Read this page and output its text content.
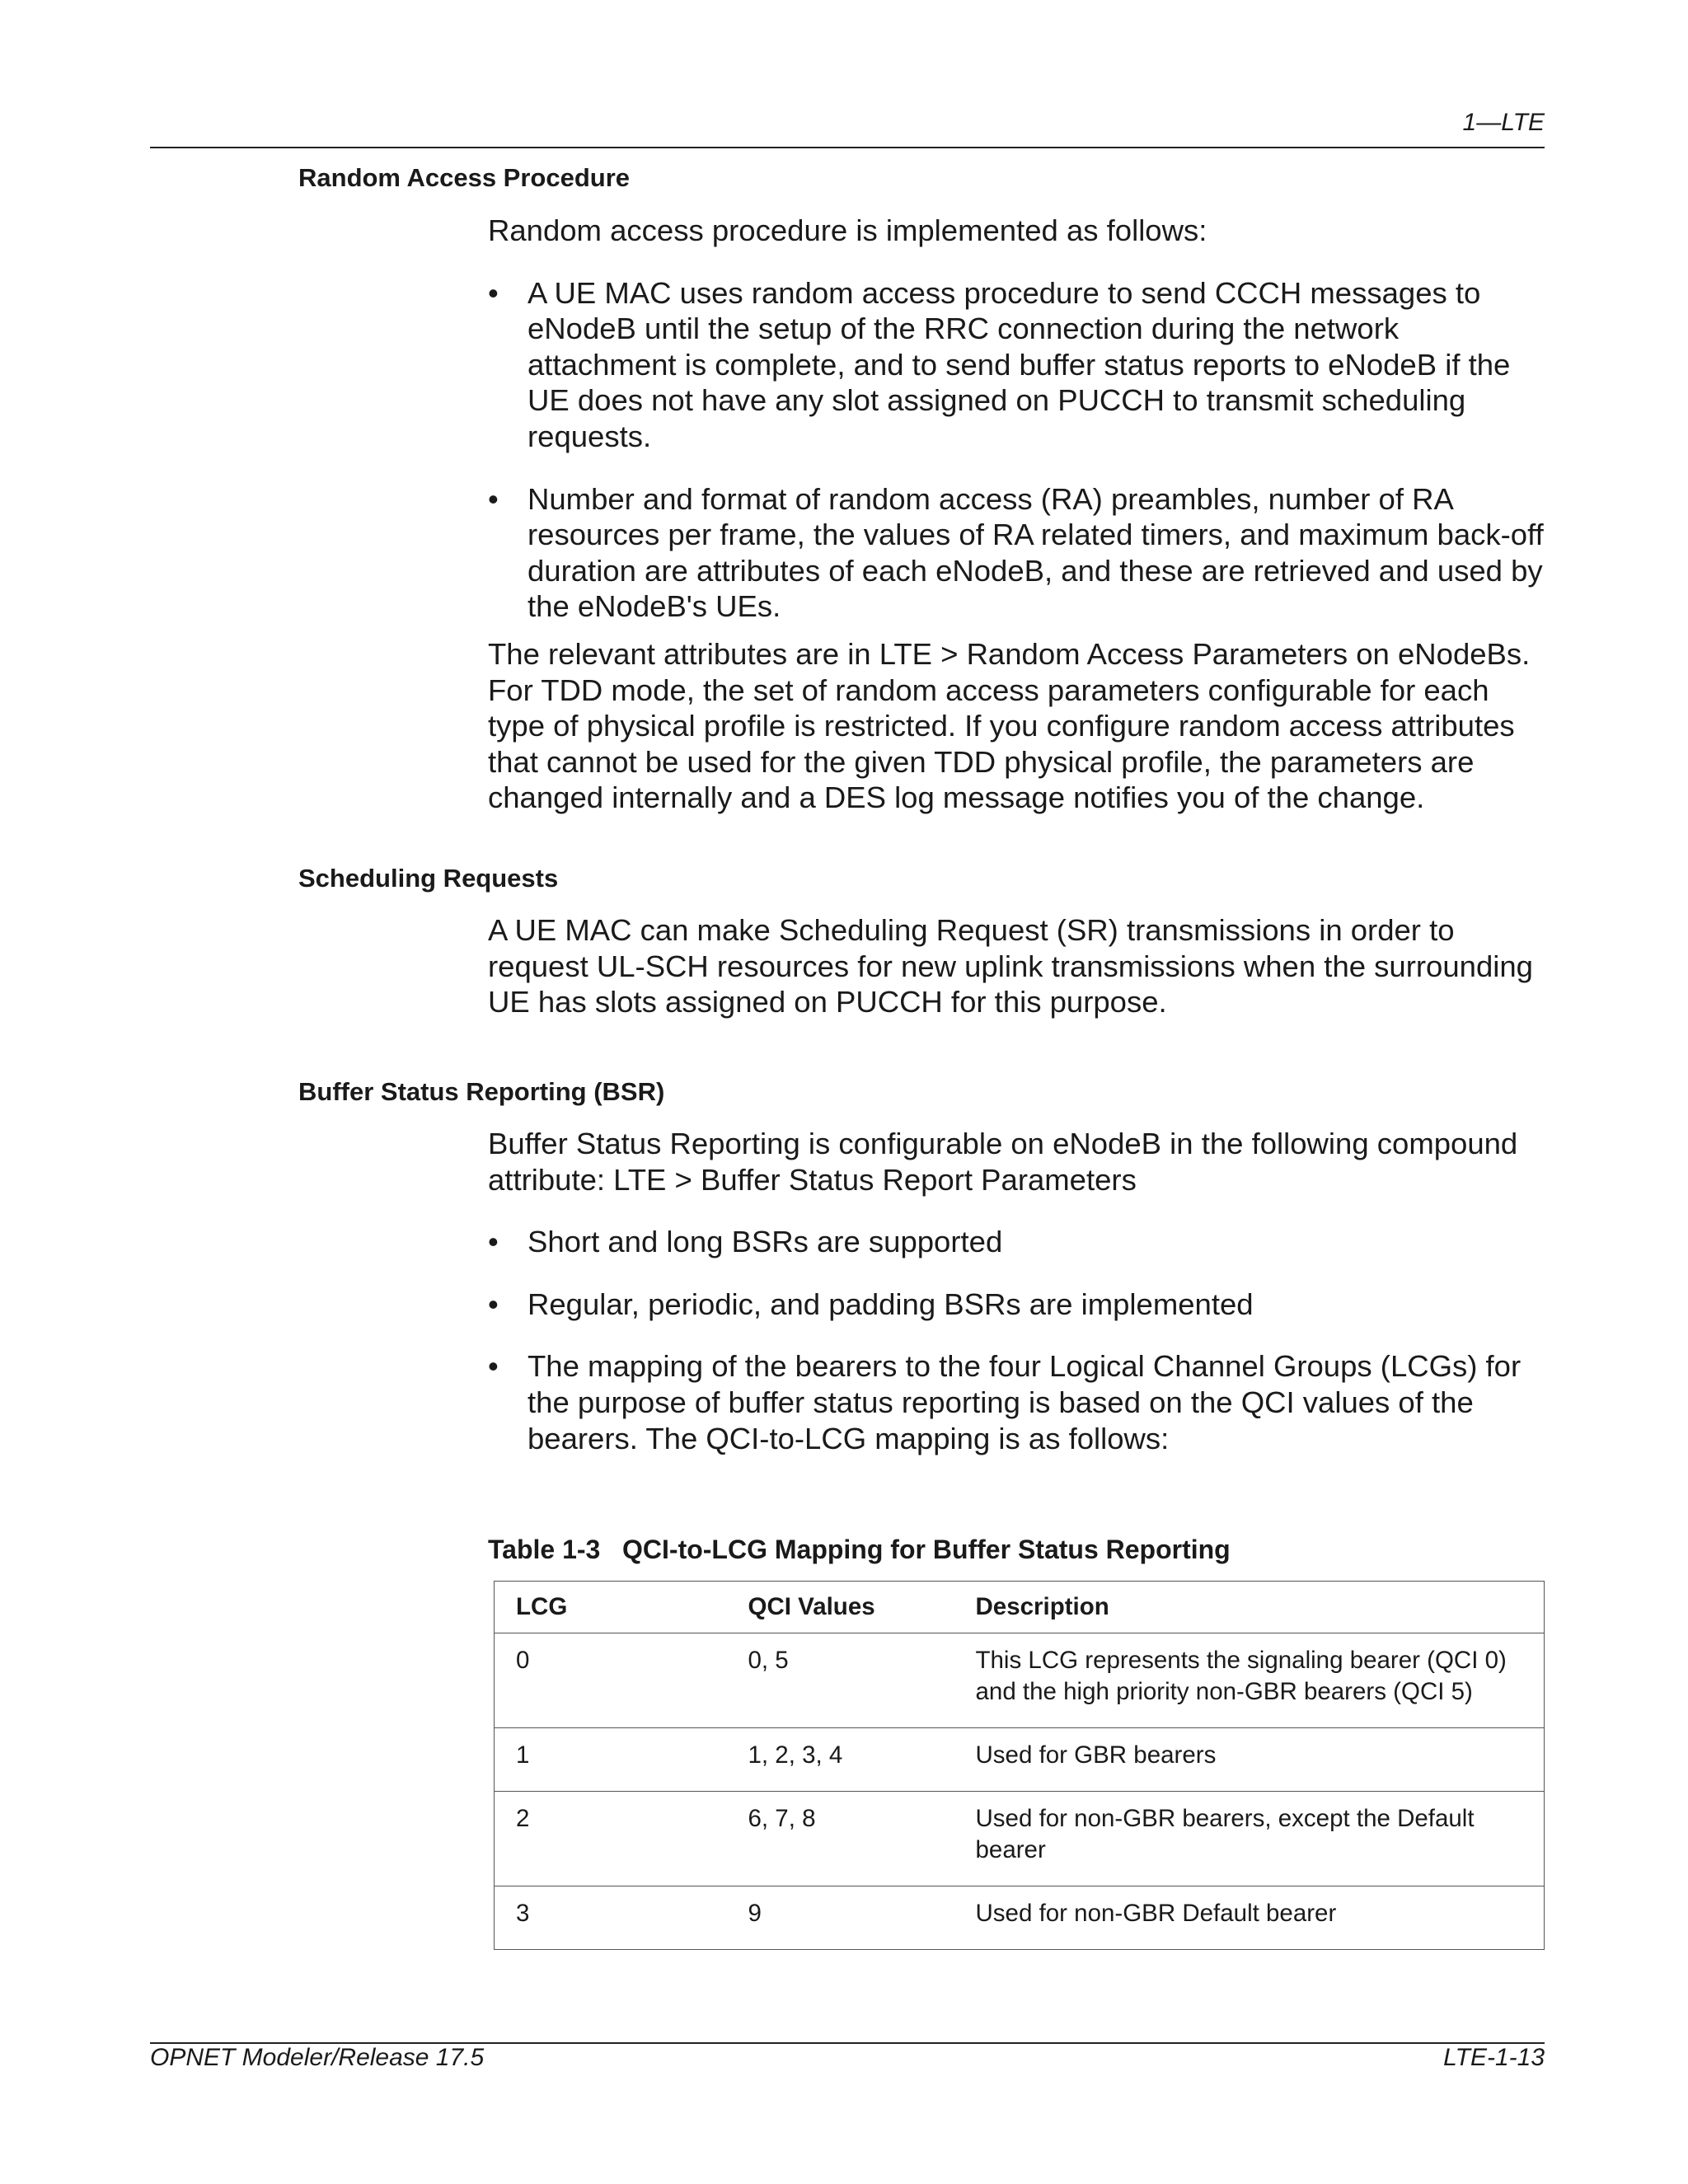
1—LTE
Random Access Procedure

Random access procedure is implemented as follows:

• A UE MAC uses random access procedure to send CCCH messages to eNodeB until the setup of the RRC connection during the network attachment is complete, and to send buffer status reports to eNodeB if the UE does not have any slot assigned on PUCCH to transmit scheduling requests.

• Number and format of random access (RA) preambles, number of RA resources per frame, the values of RA related timers, and maximum back-off duration are attributes of each eNodeB, and these are retrieved and used by the eNodeB's UEs.

The relevant attributes are in LTE > Random Access Parameters on eNodeBs. For TDD mode, the set of random access parameters configurable for each type of physical profile is restricted. If you configure random access attributes that cannot be used for the given TDD physical profile, the parameters are changed internally and a DES log message notifies you of the change.

Scheduling Requests

A UE MAC can make Scheduling Request (SR) transmissions in order to request UL-SCH resources for new uplink transmissions when the surrounding UE has slots assigned on PUCCH for this purpose.

Buffer Status Reporting (BSR)

Buffer Status Reporting is configurable on eNodeB in the following compound attribute: LTE > Buffer Status Report Parameters

• Short and long BSRs are supported

• Regular, periodic, and padding BSRs are implemented

• The mapping of the bearers to the four Logical Channel Groups (LCGs) for the purpose of buffer status reporting is based on the QCI values of the bearers. The QCI-to-LCG mapping is as follows:

Table 1-3   QCI-to-LCG Mapping for Buffer Status Reporting
LCG	QCI Values	Description
0	0, 5	This LCG represents the signaling bearer (QCI 0) and the high priority non-GBR bearers (QCI 5)
1	1, 2, 3, 4	Used for GBR bearers
2	6, 7, 8	Used for non-GBR bearers, except the Default bearer
3	9	Used for non-GBR Default bearer
OPNET Modeler/Release 17.5	LTE-1-13
